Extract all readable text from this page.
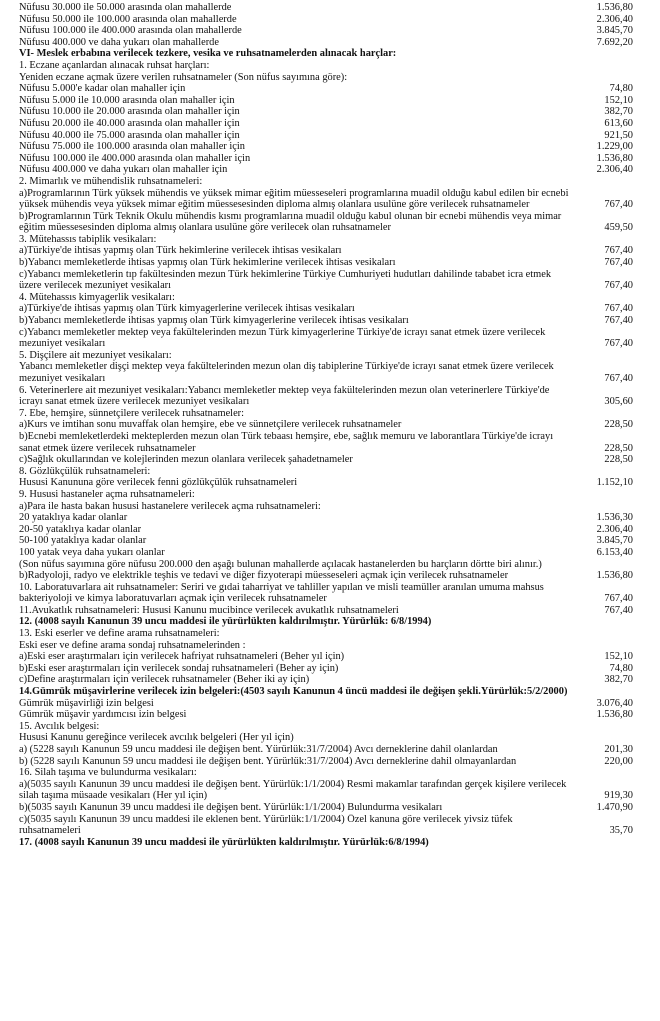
Nüfusu 30.000 ile 50.000 arasında olan mahallerde	1.536,80
Nüfusu 50.000 ile 100.000 arasında olan mahallerde	2.306,40
Nüfusu 100.000 ile 400.000 arasında olan mahallerde	3.845,70
Nüfusu 400.000 ve daha yukarı olan mahallerde	7.692,20
VI- Meslek erbabına verilecek tezkere, vesika ve ruhsatnamelerden alınacak harçlar:
1. Eczane açanlardan alınacak ruhsat harçları:
Yeniden eczane açmak üzere verilen ruhsatnameler (Son nüfus sayımına göre):
Nüfusu 5.000'e kadar olan mahaller için	74,80
Nüfusu 5.000 ile 10.000 arasında olan mahaller için	152,10
Nüfusu 10.000 ile 20.000 arasında olan mahaller için	382,70
Nüfusu 20.000 ile 40.000 arasında olan mahaller için	613,60
Nüfusu 40.000 ile 75.000 arasında olan mahaller için	921,50
Nüfusu 75.000 ile 100.000 arasında olan mahaller için	1.229,00
Nüfusu 100.000 ile 400.000 arasında olan mahaller için	1.536,80
Nüfusu 400.000 ve daha yukarı olan mahaller için	2.306,40
2. Mimarlık ve mühendislik ruhsatnameleri:
a)Programlarının Türk yüksek mühendis ve yüksek mimar eğitim müesseseleri programlarına muadil olduğu kabul edilen bir ecnebi yüksek mühendis veya yüksek mimar eğitim müessesesinden diploma almış olanlara usulüne göre verilecek ruhsatnameler	767,40
b)Programlarının Türk Teknik Okulu mühendis kısmı programlarına muadil olduğu kabul olunan bir ecnebi mühendis veya mimar eğitim müessesesinden diploma almış olanlara usulüne göre verilecek olan ruhsatnameler	459,50
3. Mütehassıs tabiplik vesikaları:
a)Türkiye'de ihtisas yapmış olan Türk hekimlerine verilecek ihtisas vesikaları	767,40
b)Yabancı memleketlerde ihtisas yapmış olan Türk hekimlerine verilecek ihtisas vesikaları	767,40
c)Yabancı memleketlerin tıp fakültesinden mezun Türk hekimlerine Türkiye Cumhuriyeti hudutları dahilinde tababet icra etmek üzere verilecek mezuniyet vesikaları	767,40
4. Mütehassıs kimyagerlik vesikaları:
a)Türkiye'de ihtisas yapmış olan Türk kimyagerlerine verilecek ihtisas vesikaları	767,40
b)Yabancı memleketlerde ihtisas yapmış olan Türk kimyagerlerine verilecek ihtisas vesikaları	767,40
c)Yabancı memleketler mektep veya fakültelerinden mezun Türk kimyagerlerine Türkiye'de icrayı sanat etmek üzere verilecek mezuniyet vesikaları	767,40
5. Dişçilere ait mezuniyet vesikaları:
Yabancı memleketler dişçi mektep veya fakültelerinden mezun olan diş tabiplerine Türkiye'de icrayı sanat etmek üzere verilecek mezuniyet vesikaları	767,40
6. Veterinerlere ait mezuniyet vesikaları:Yabancı memleketler mektep veya fakültelerinden mezun olan veterinerlere Türkiye'de icrayı sanat etmek üzere verilecek mezuniyet vesikaları	305,60
7. Ebe, hemşire, sünnetçilere verilecek ruhsatnameler:
a)Kurs ve imtihan sonu muvaffak olan hemşire, ebe ve sünnetçilere verilecek ruhsatnameler	228,50
b)Ecnebi memleketlerdeki mekteplerden mezun olan Türk tebaası hemşire, ebe, sağlık memuru ve laborantlara Türkiye'de icrayı sanat etmek üzere verilecek ruhsatnameler	228,50
c)Sağlık okullarından ve kolejlerinden mezun olanlara verilecek şahadetnameler	228,50
8. Gözlükçülük ruhsatnameleri:
Hususi Kanununa göre verilecek fenni gözlükçülük ruhsatnameleri	1.152,10
9. Hususi hastaneler açma ruhsatnameleri:
a)Para ile hasta bakan hususi hastanelere verilecek açma ruhsatnameleri:
20 yataklıya kadar olanlar	1.536,30
20-50 yataklıya kadar olanlar	2.306,40
50-100 yataklıya kadar olanlar	3.845,70
100 yatak veya daha yukarı olanlar	6.153,40
(Son nüfus sayımına göre nüfusu 200.000 den aşağı bulunan mahallerde açılacak hastanelerden bu harçların dörtte biri alınır.)
b)Radyoloji, radyo ve elektrikle teşhis ve tedavi ve diğer fizyoterapi müesseseleri açmak için verilecek ruhsatnameler	1.536,80
10. Laboratuvarlara ait ruhsatnameler: Seriri ve gıdai taharriyat ve tahliller yapılan ve misli teamüller aranılan umuma mahsus bakteriyoloji ve kimya laboratuvarları açmak için verilecek ruhsatnameler	767,40
11.Avukatlık ruhsatnameleri: Hususi Kanunu mucibince verilecek avukatlık ruhsatnameleri	767,40
12. (4008 sayılı Kanunun 39 uncu maddesi ile yürürlükten kaldırılmıştır. Yürürlük: 6/8/1994)
13. Eski eserler ve define arama ruhsatnameleri:
Eski eser ve define arama sondaj ruhsatnamelerinden :
a)Eski eser araştırmaları için verilecek hafriyat ruhsatnameleri (Beher yıl için)	152,10
b)Eski eser araştırmaları için verilecek sondaj ruhsatnameleri (Beher ay için)	74,80
c)Define araştırmaları için verilecek ruhsatnameler (Beher iki ay için)	382,70
14.Gümrük müşavirlerine verilecek izin belgeleri:(4503 sayılı Kanunun 4 üncü maddesi ile değişen şekli.Yürürlük:5/2/2000)
Gümrük müşavirliği izin belgesi	3.076,40
Gümrük müşavir yardımcısı izin belgesi	1.536,80
15. Avcılık belgesi:
Hususi Kanunu gereğince verilecek avcılık belgeleri (Her yıl için)
a) (5228 sayılı Kanunun 59 uncu maddesi ile değişen bent. Yürürlük:31/7/2004) Avcı derneklerine dahil olanlardan	201,30
b) (5228 sayılı Kanunun 59 uncu maddesi ile değişen bent. Yürürlük:31/7/2004) Avcı derneklerine dahil olmayanlardan	220,00
16. Silah taşıma ve bulundurma vesikaları:
a)(5035 sayılı Kanunun 39 uncu maddesi ile değişen bent. Yürürlük:1/1/2004) Resmi makamlar tarafından gerçek kişilere verilecek silah taşıma müsaade vesikaları (Her yıl için)	919,30
b)(5035 sayılı Kanunun 39 uncu maddesi ile değişen bent. Yürürlük:1/1/2004) Bulundurma vesikaları	1.470,90
c)(5035 sayılı Kanunun 39 uncu maddesi ile eklenen bent. Yürürlük:1/1/2004) Özel kanuna göre verilecek yivsiz tüfek ruhsatnameleri	35,70
17. (4008 sayılı Kanunun 39 uncu maddesi ile yürürlükten kaldırılmıştır. Yürürlük:6/8/1994)
